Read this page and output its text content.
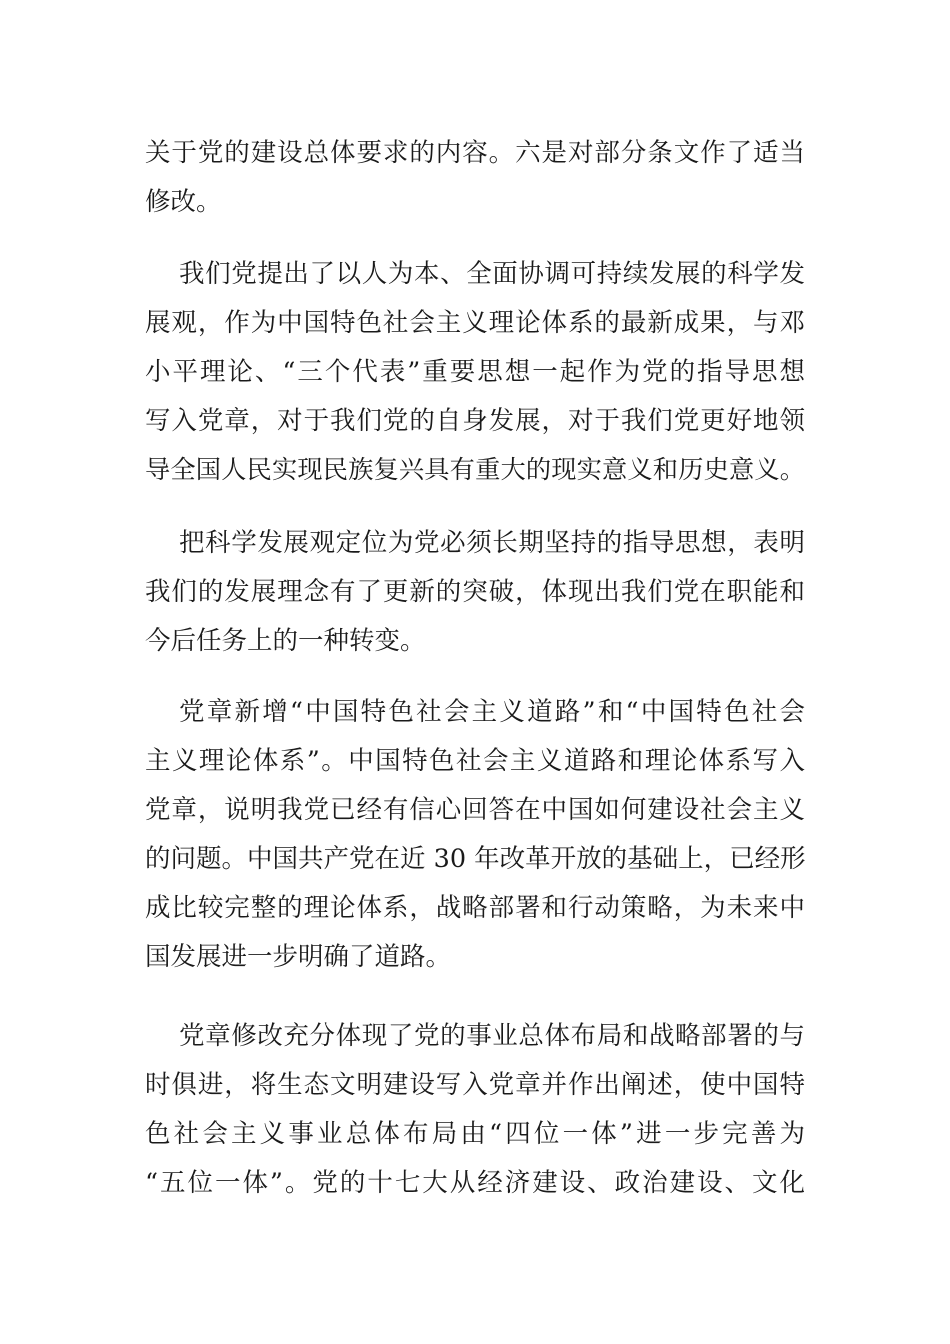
关于党的建设总体要求的内容。六是对部分条文作了适当
修改。
我们党提出了以人为本、全面协调可持续发展的科学发
展观，作为中国特色社会主义理论体系的最新成果，与邓
小平理论、“三个代表”重要思想一起作为党的指导思想
写入党章，对于我们党的自身发展，对于我们党更好地领
导全国人民实现民族复兴具有重大的现实意义和历史意义。
把科学发展观定位为党必须长期坚持的指导思想，表明
我们的发展理念有了更新的突破，体现出我们党在职能和
今后任务上的一种转变。
党章新增“中国特色社会主义道路”和“中国特色社会
主义理论体系”。中国特色社会主义道路和理论体系写入
党章，说明我党已经有信心回答在中国如何建设社会主义
的问题。中国共产党在近 30 年改革开放的基础上，已经形
成比较完整的理论体系，战略部署和行动策略，为未来中
国发展进一步明确了道路。
党章修改充分体现了党的事业总体布局和战略部署的与
时俱进，将生态文明建设写入党章并作出阐述，使中国特
色社会主义事业总体布局由“四位一体”进一步完善为
“五位一体”。党的十七大从经济建设、政治建设、文化
